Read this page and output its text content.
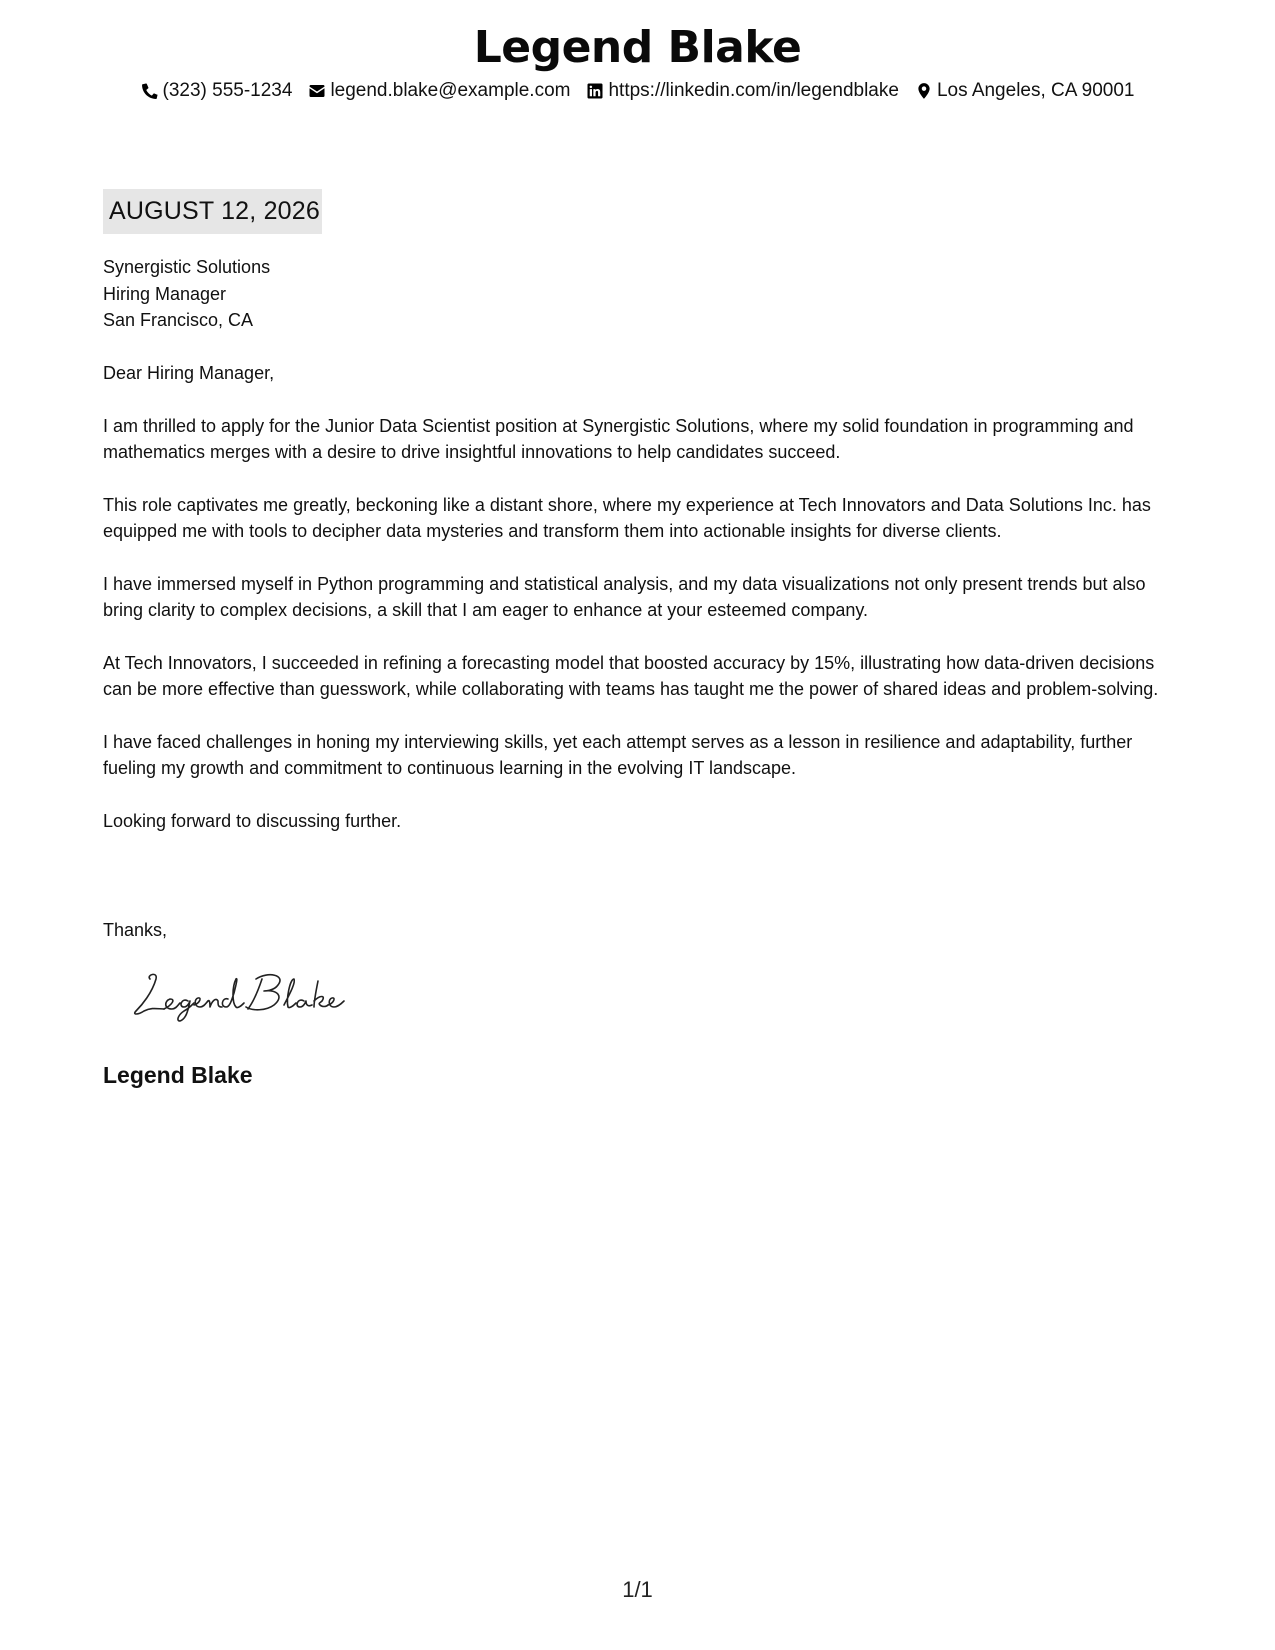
Legend Blake
(323) 555-1234 legend.blake@example.com https://linkedin.com/in/legendblake Los Angeles, CA 90001
AUGUST 12, 2026
Synergistic Solutions
Hiring Manager
San Francisco, CA

Dear Hiring Manager,

I am thrilled to apply for the Junior Data Scientist position at Synergistic Solutions, where my solid foundation in programming and mathematics merges with a desire to drive insightful innovations to help candidates succeed.

This role captivates me greatly, beckoning like a distant shore, where my experience at Tech Innovators and Data Solutions Inc. has equipped me with tools to decipher data mysteries and transform them into actionable insights for diverse clients.

I have immersed myself in Python programming and statistical analysis, and my data visualizations not only present trends but also bring clarity to complex decisions, a skill that I am eager to enhance at your esteemed company.

At Tech Innovators, I succeeded in refining a forecasting model that boosted accuracy by 15%, illustrating how data-driven decisions can be more effective than guesswork, while collaborating with teams has taught me the power of shared ideas and problem-solving.

I have faced challenges in honing my interviewing skills, yet each attempt serves as a lesson in resilience and adaptability, further fueling my growth and commitment to continuous learning in the evolving IT landscape.

Looking forward to discussing further.

Thanks,
Legend Blake
1/1
